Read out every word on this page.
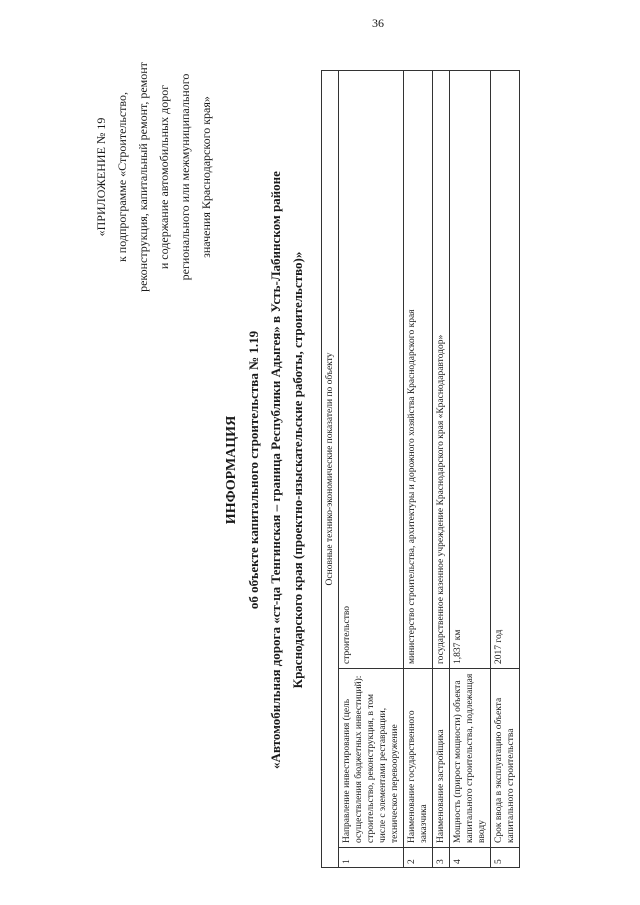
36
«ПРИЛОЖЕНИЕ № 19 к подпрограмме «Строительство, реконструкция, капитальный ремонт, ремонт и содержание автомобильных дорог регионального или межмуниципального значения Краснодарского края»
ИНФОРМАЦИЯ об объекте капитального строительства № 1.19 «Автомобильная дорога «ст-ца Тенгинская – граница Республики Адыгея» в Усть-Лабинском районе Краснодарского края (проектно-изыскательские работы, строительство)»	Основные технико-экономические показатели по объекту		
1	Направление инвестирования (цель осуществления бюджетных инвестиций): строительство, реконструкция, в том числе с элементами реставрации, техническое перевооружение	строительство
2	Наименование государственного заказчика	министерство строительства, архитектуры и дорожного хозяйства Краснодарского края
3	Наименование застройщика	государственное казенное учреждение Краснодарского края «Краснодаравтодор»
4	Мощность (прирост мощности) объекта капитального строительства, подлежащая вводу	1,837 км
5	Срок ввода в эксплуатацию объекта капитального строительства	2017 год
